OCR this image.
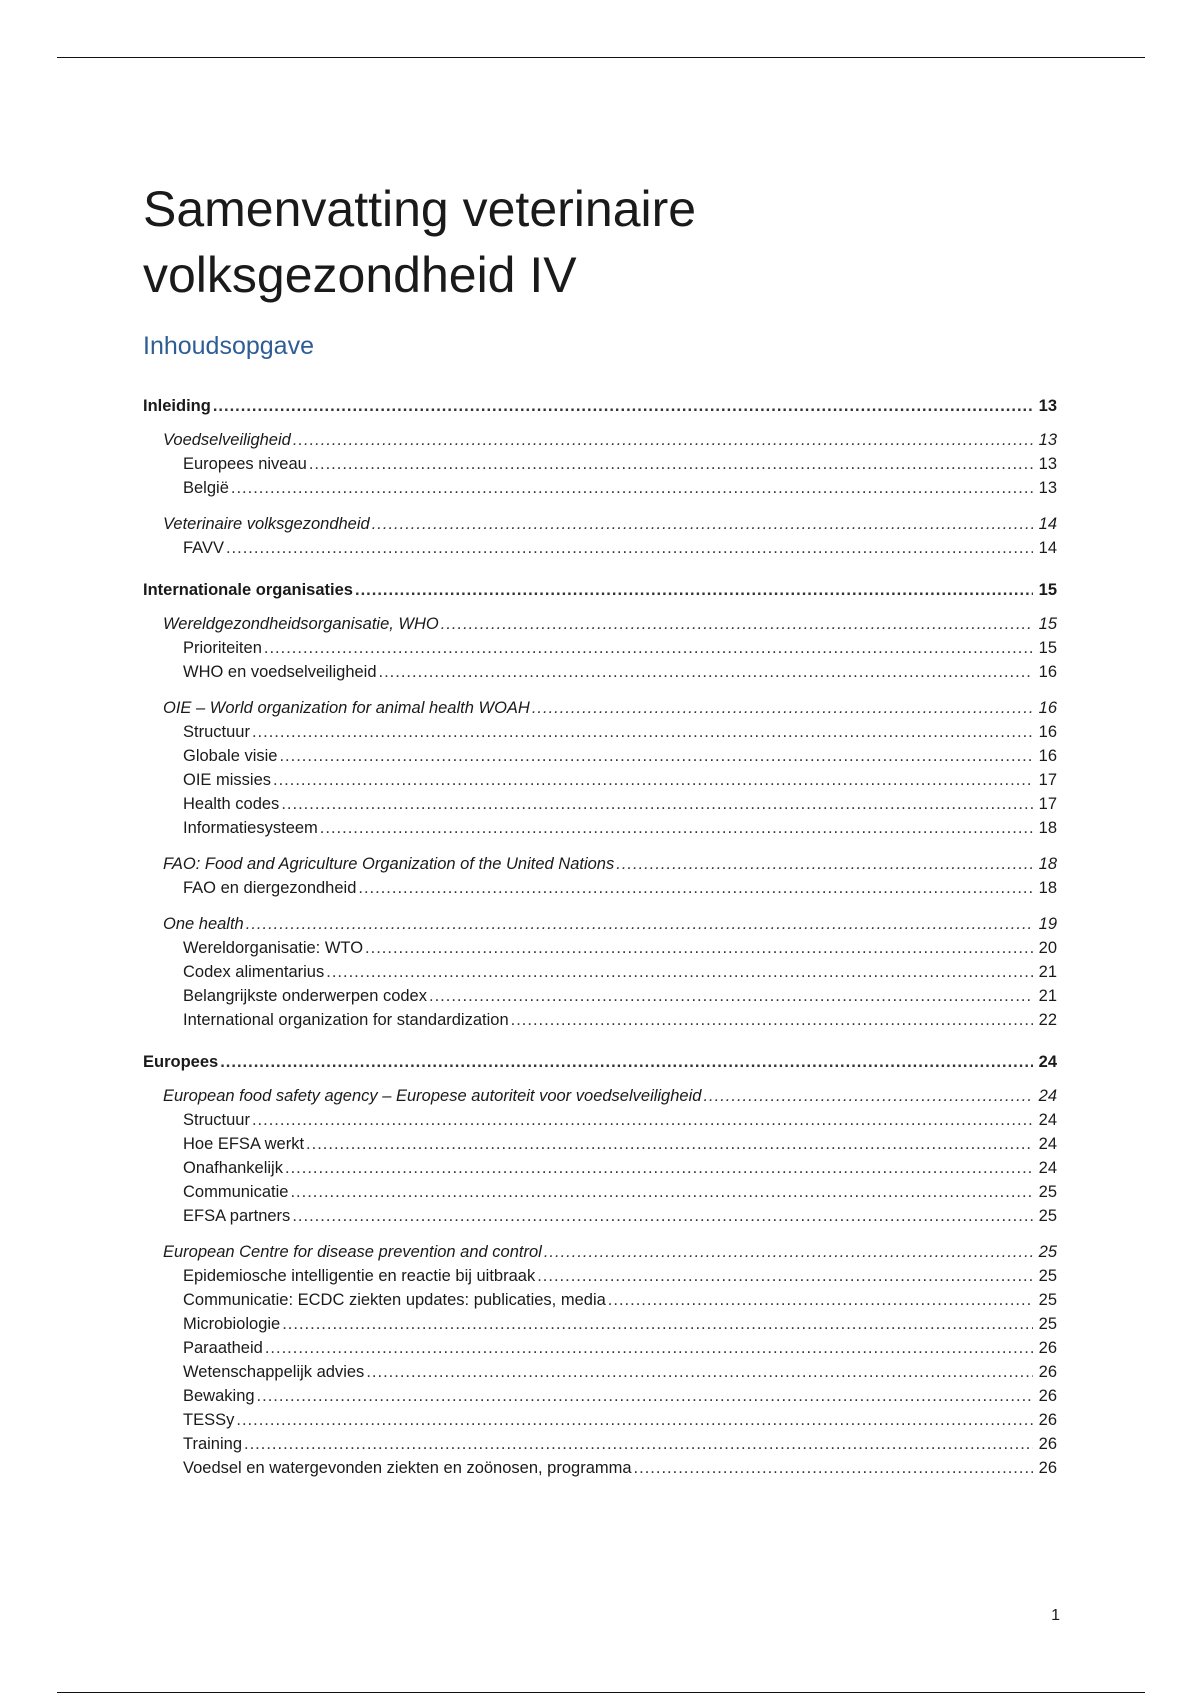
Samenvatting veterinaire volksgezondheid IV
Inhoudsopgave
Inleiding .....	13
Voedselveiligheid .....	13
Europees niveau .....	13
België .....	13
Veterinaire volksgezondheid .....	14
FAVV .....	14
Internationale organisaties .....	15
Wereldgezondheidsorganisatie, WHO .....	15
Prioriteiten .....	15
WHO en voedselveiligheid .....	16
OIE – World organization for animal health WOAH .....	16
Structuur .....	16
Globale visie .....	16
OIE missies .....	17
Health codes .....	17
Informatiesysteem .....	18
FAO: Food and Agriculture Organization of the United Nations .....	18
FAO en diergezondheid .....	18
One health .....	19
Wereldorganisatie: WTO .....	20
Codex alimentarius .....	21
Belangrijkste onderwerpen codex .....	21
International organization for standardization .....	22
Europees .....	24
European food safety agency – Europese autoriteit voor voedselveiligheid .....	24
Structuur .....	24
Hoe EFSA werkt .....	24
Onafhankelijk .....	24
Communicatie .....	25
EFSA partners .....	25
European Centre for disease prevention and control .....	25
Epidemiosche intelligentie en reactie bij uitbraak .....	25
Communicatie: ECDC ziekten updates: publicaties, media .....	25
Microbiologie .....	25
Paraatheid .....	26
Wetenschappelijk advies .....	26
Bewaking .....	26
TESSy .....	26
Training .....	26
Voedsel en watergevonden ziekten en zoönosen, programma .....	26
1
